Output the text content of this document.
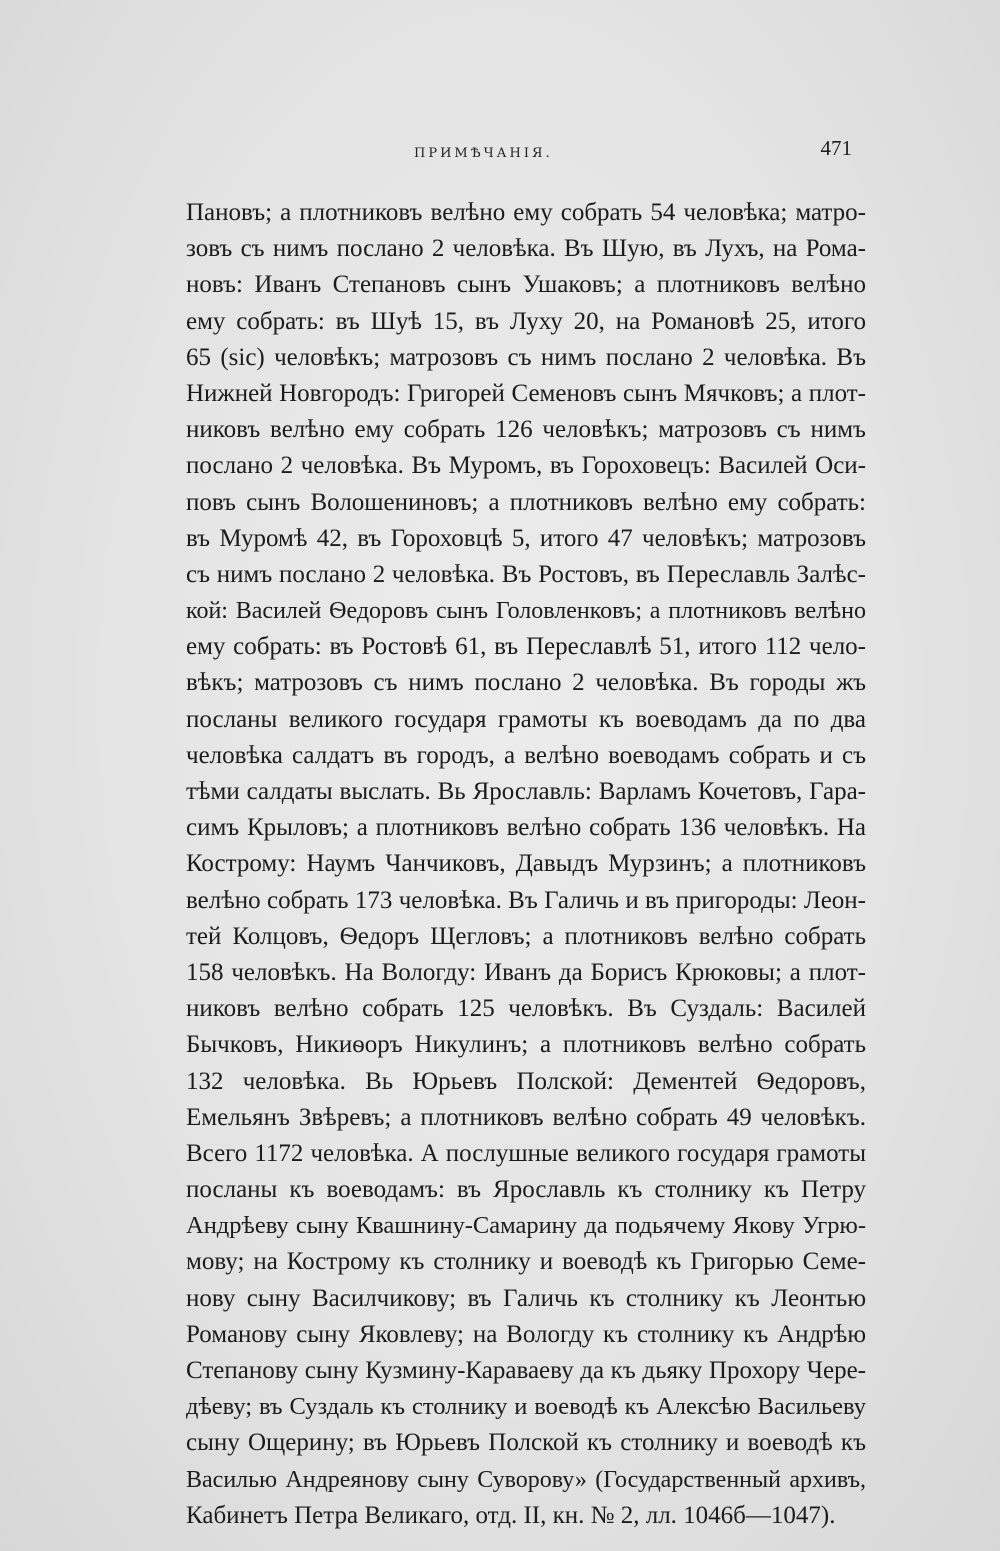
ПРИМѢЧАНІЯ.	471
Пановъ; а плотниковъ велѣно ему собрать 54 человѣка; матро-
зовъ съ нимъ послано 2 человѣка. Въ Шую, въ Лухъ, на Рома-
новъ: Иванъ Степановъ сынъ Ушаковъ; а плотниковъ велѣно
ему собрать: въ Шуѣ 15, въ Луху 20, на Романовѣ 25, итого
65 (sic) человѣкъ; матрозовъ съ нимъ послано 2 человѣка. Въ
Нижней Новгородъ: Григорей Семеновъ сынъ Мячковъ; а плот-
никовъ велѣно ему собрать 126 человѣкъ; матрозовъ съ нимъ
послано 2 человѣка. Въ Муромъ, въ Гороховецъ: Василей Оси-
повъ сынъ Волошениновъ; а плотниковъ велѣно ему собрать:
въ Муромѣ 42, въ Гороховцѣ 5, итого 47 человѣкъ; матрозовъ
съ нимъ послано 2 человѣка. Въ Ростовъ, въ Переславль Залѣс-
кой: Василей Ѳедоровъ сынъ Головленковъ; а плотниковъ велѣно
ему собрать: въ Ростовѣ 61, въ Переславлѣ 51, итого 112 чело-
вѣкъ; матрозовъ съ нимъ послано 2 человѣка. Въ городы жъ
посланы великого государя грамоты къ воеводамъ да по два
человѣка салдатъ въ городъ, а велѣно воеводамъ собрать и съ
тѣми салдаты выслать. Вь Ярославль: Варламъ Кочетовъ, Гара-
симъ Крыловъ; а плотниковъ велѣно собрать 136 человѣкъ. На
Кострому: Наумъ Чанчиковъ, Давыдъ Мурзинъ; а плотниковъ
велѣно собрать 173 человѣка. Въ Галичь и въ пригороды: Леон-
тей Колцовъ, Ѳедоръ Щегловъ; а плотниковъ велѣно собрать
158 человѣкъ. На Вологду: Иванъ да Борисъ Крюковы; а плот-
никовъ велѣно собрать 125 человѣкъ. Въ Суздаль: Василей
Бычковъ, Никиѳоръ Никулинъ; а плотниковъ велѣно собрать
132 человѣка. Вь Юрьевъ Полской: Дементей Ѳедоровъ,
Емельянъ Звѣревъ; а плотниковъ велѣно собрать 49 человѣкъ.
Всего 1172 человѣка. А послушные великого государя грамоты
посланы къ воеводамъ: въ Ярославль къ столнику къ Петру
Андрѣеву сыну Квашнину-Самарину да подьячему Якову Угрю-
мову; на Кострому къ столнику и воеводѣ къ Григорью Семе-
нову сыну Василчикову; въ Галичь къ столнику къ Леонтью
Романову сыну Яковлеву; на Вологду къ столнику къ Андрѣю
Степанову сыну Кузмину-Караваеву да къ дьяку Прохору Чере-
дѣеву; въ Суздаль къ столнику и воеводѣ къ Алексѣю Васильеву
сыну Ощерину; въ Юрьевъ Полской къ столнику и воеводѣ къ
Василью Андреянову сыну Суворову» (Государственный архивъ,
Кабинетъ Петра Великаго, отд. II, кн. № 2, лл. 1046б—1047).
